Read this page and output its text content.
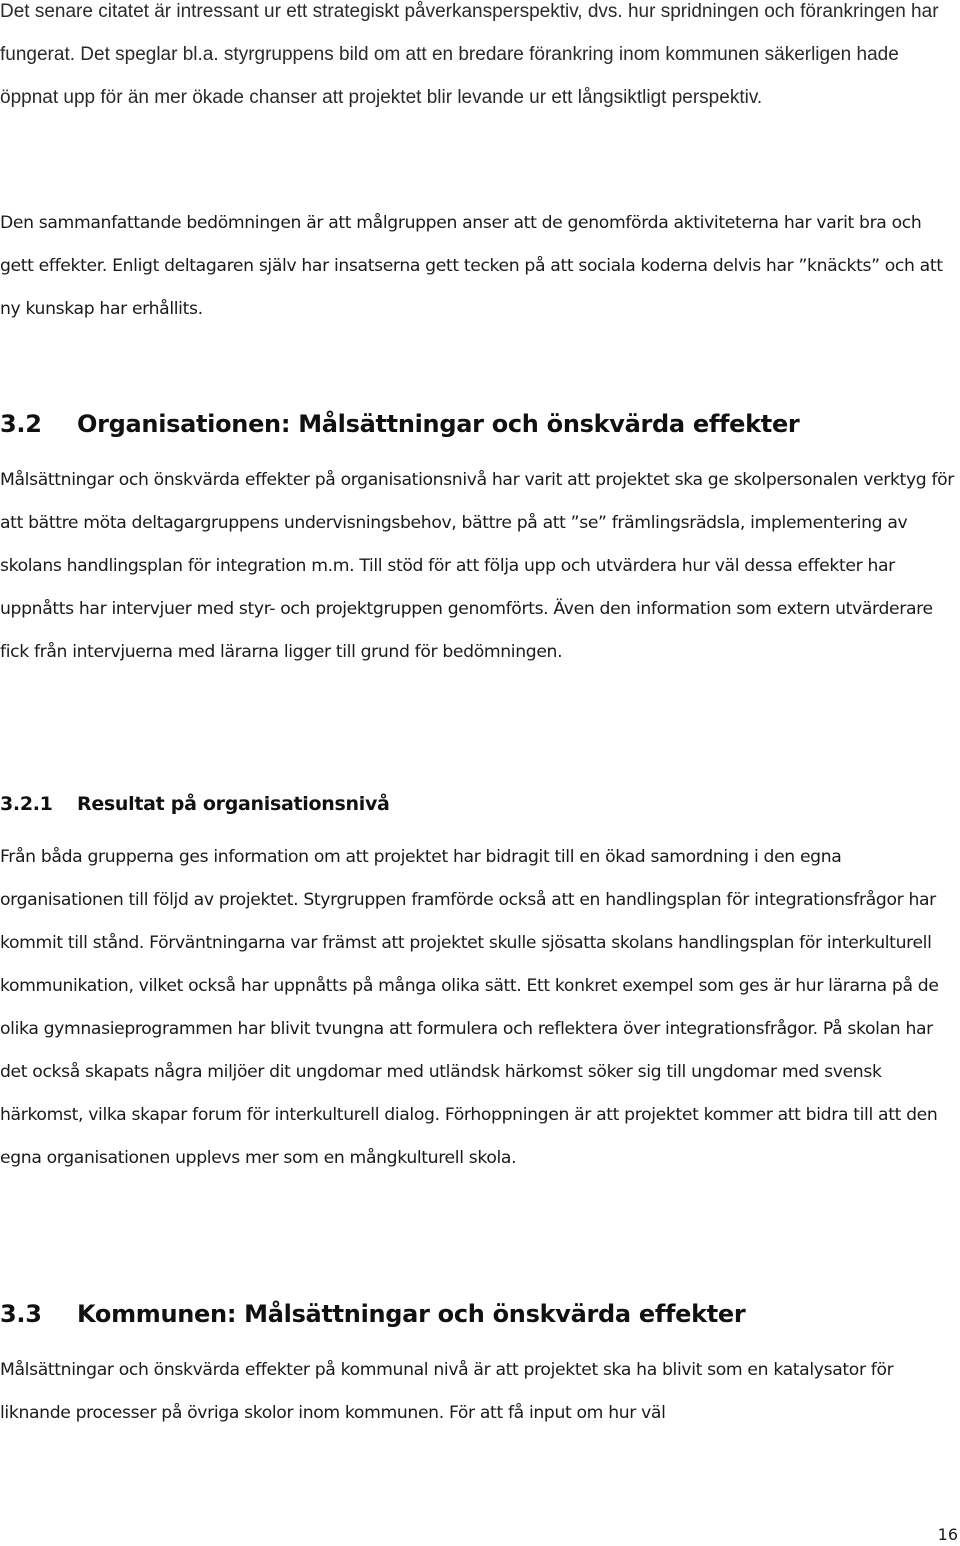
Det senare citatet är intressant ur ett strategiskt påverkansperspektiv, dvs. hur spridningen och förankringen har fungerat. Det speglar bl.a. styrgruppens bild om att en bredare förankring inom kommunen säkerligen hade öppnat upp för än mer ökade chanser att projektet blir levande ur ett långsiktligt perspektiv.

Den sammanfattande bedömningen är att målgruppen anser att de genomförda aktiviteterna har varit bra och gett effekter. Enligt deltagaren själv har insatserna gett tecken på att sociala koderna delvis har ”knäckts” och att ny kunskap har erhållits.

3.2 Organisationen: Målsättningar och önskvärda effekter

Målsättningar och önskvärda effekter på organisationsnivå har varit att projektet ska ge skolpersonalen verktyg för att bättre möta deltagargruppens undervisningsbehov, bättre på att ”se” främlingsrädsla, implementering av skolans handlingsplan för integration m.m. Till stöd för att följa upp och utvärdera hur väl dessa effekter har uppnåtts har intervjuer med styr- och projektgruppen genomförts. Även den information som extern utvärderare fick från intervjuerna med lärarna ligger till grund för bedömningen.

3.2.1 Resultat på organisationsnivå

Från båda grupperna ges information om att projektet har bidragit till en ökad samordning i den egna organisationen till följd av projektet. Styrgruppen framförde också att en handlingsplan för integrationsfrågor har kommit till stånd. Förväntningarna var främst att projektet skulle sjösatta skolans handlingsplan för interkulturell kommunikation, vilket också har uppnåtts på många olika sätt. Ett konkret exempel som ges är hur lärarna på de olika gymnasieprogrammen har blivit tvungna att formulera och reflektera över integrationsfrågor. På skolan har det också skapats några miljöer dit ungdomar med utländsk härkomst söker sig till ungdomar med svensk härkomst, vilka skapar forum för interkulturell dialog. Förhoppningen är att projektet kommer att bidra till att den egna organisationen upplevs mer som en mångkulturell skola.

3.3 Kommunen: Målsättningar och önskvärda effekter

Målsättningar och önskvärda effekter på kommunal nivå är att projektet ska ha blivit som en katalysator för liknande processer på övriga skolor inom kommunen. För att få input om hur väl

16
